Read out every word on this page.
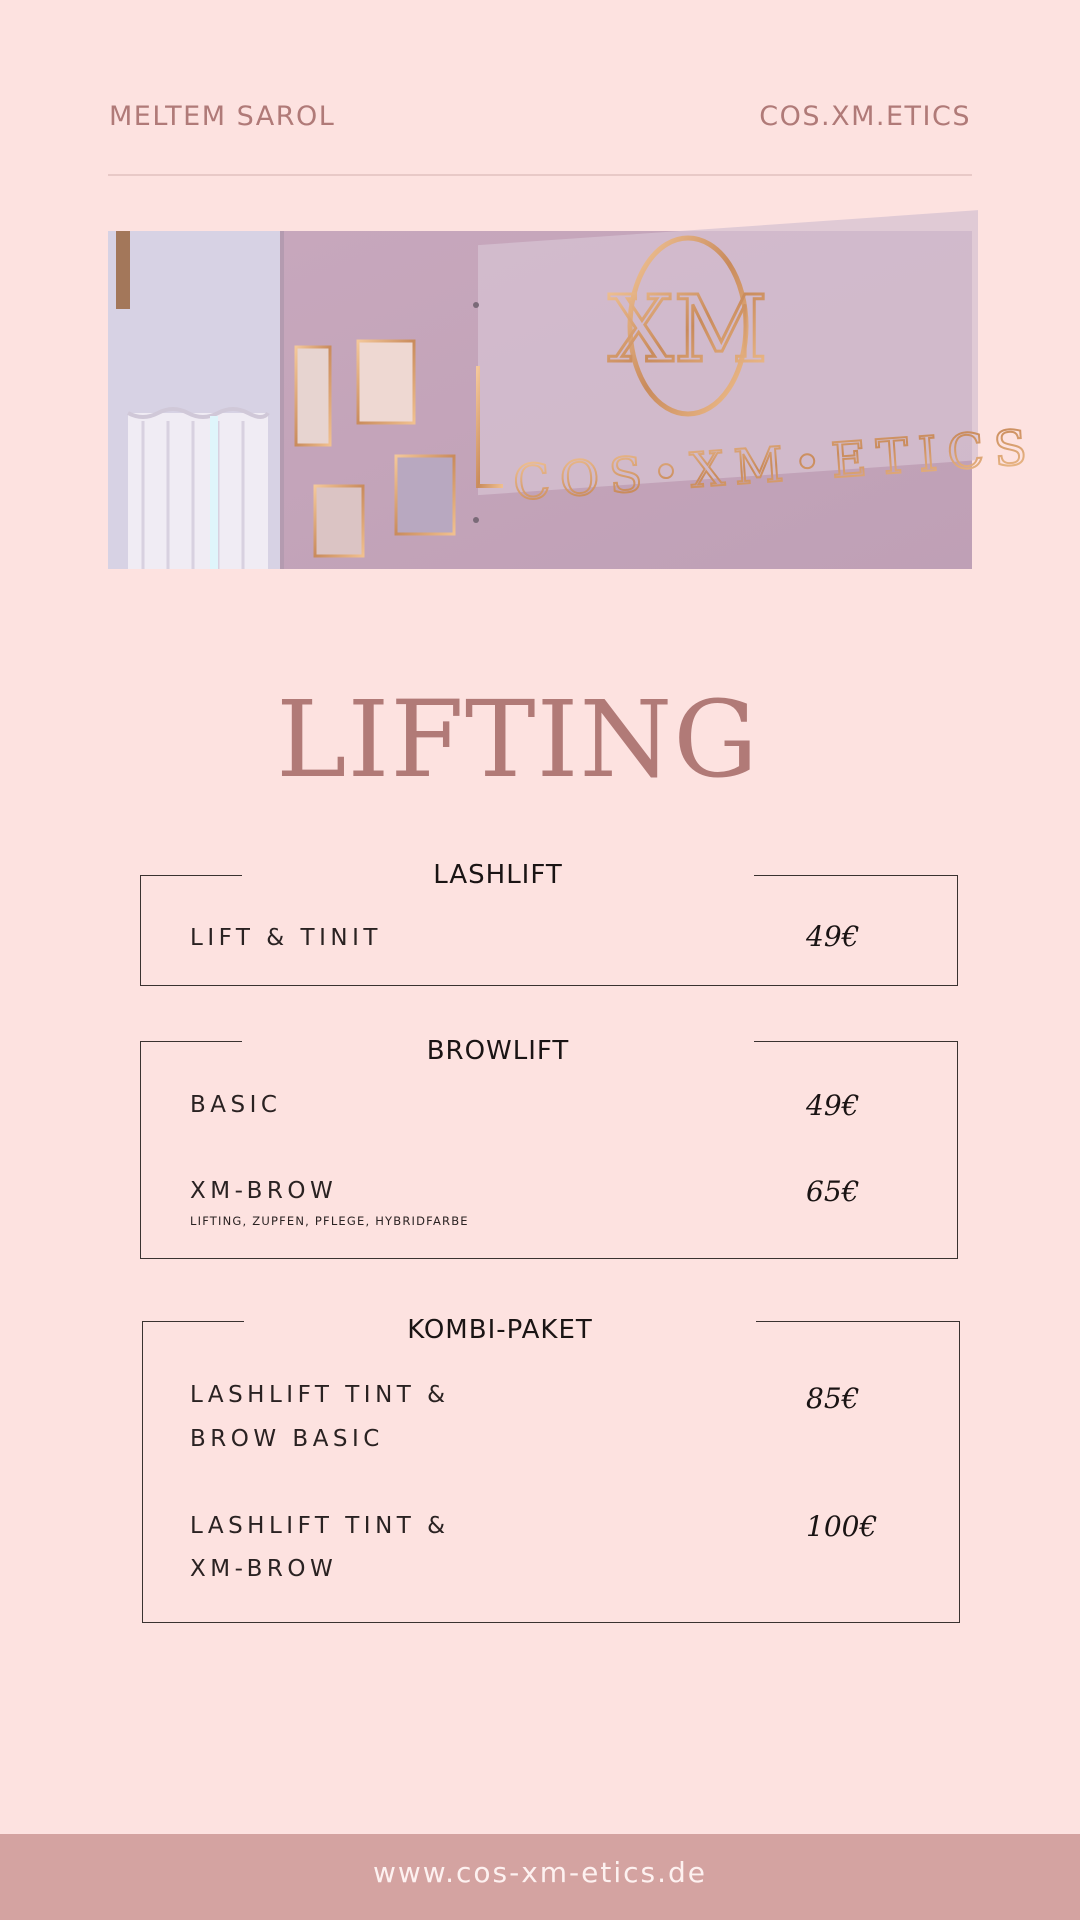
MELTEM SAROL	COS.XM.ETICS
XM
COS•XM•ETICS
LIFTING
LASHLIFT
LIFT & TINIT	49€
BROWLIFT
BASIC	49€
XM-BROW
LIFTING, ZUPFEN, PFLEGE, HYBRIDFARBE
65€
KOMBI-PAKET
LASHLIFT TINT &
BROW BASIC
85€
LASHLIFT TINT &
XM-BROW
100€
www.cos-xm-etics.de
